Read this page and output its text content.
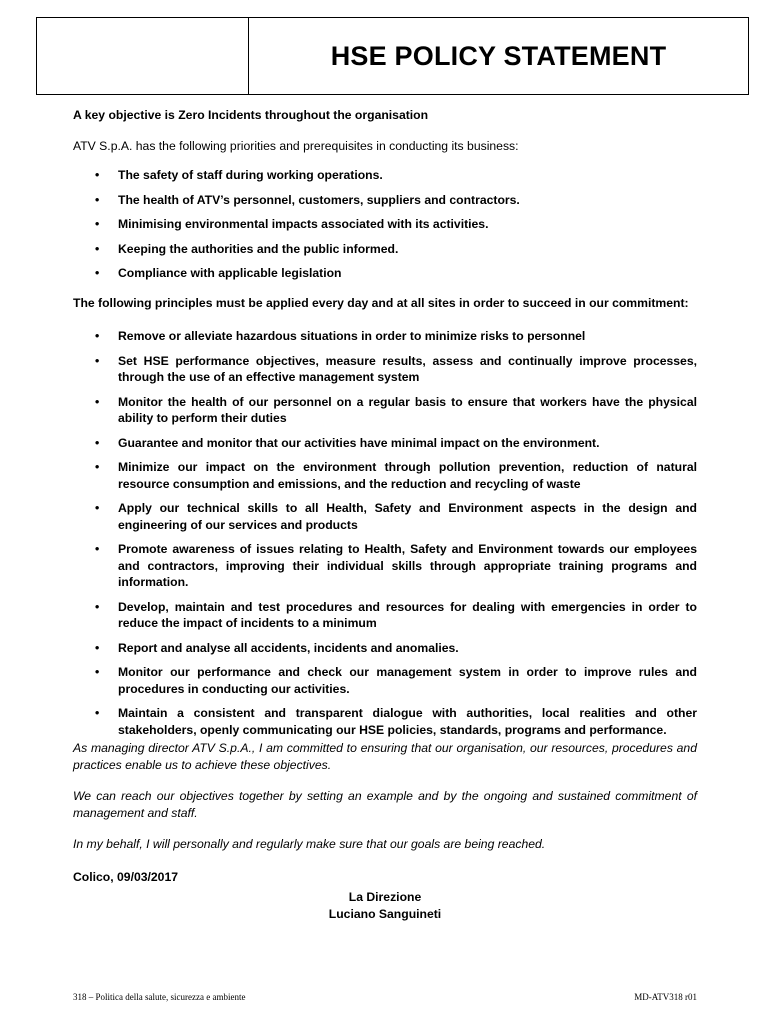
HSE POLICY STATEMENT

A key objective is Zero Incidents throughout the organisation

ATV S.p.A. has the following priorities and prerequisites in conducting its business:

• The safety of staff during working operations.
• The health of ATV’s personnel, customers, suppliers and contractors.
• Minimising environmental impacts associated with its activities.
• Keeping the authorities and the public informed.
• Compliance with applicable legislation

The following principles must be applied every day and at all sites in order to succeed in our commitment:

• Remove or alleviate hazardous situations in order to minimize risks to personnel
• Set HSE performance objectives, measure results, assess and continually improve processes, through the use of an effective management system
• Monitor the health of our personnel on a regular basis to ensure that workers have the physical ability to perform their duties
• Guarantee and monitor that our activities have minimal impact on the environment.
• Minimize our impact on the environment through pollution prevention, reduction of natural resource consumption and emissions, and the reduction and recycling of waste
• Apply our technical skills to all Health, Safety and Environment aspects in the design and engineering of our services and products
• Promote awareness of issues relating to Health, Safety and Environment towards our employees and contractors, improving their individual skills through appropriate training programs and information.
• Develop, maintain and test procedures and resources for dealing with emergencies in order to reduce the impact of incidents to a minimum
• Report and analyse all accidents, incidents and anomalies.
• Monitor our performance and check our management system in order to improve rules and procedures in conducting our activities.
• Maintain a consistent and transparent dialogue with authorities, local realities and other stakeholders, openly communicating our HSE policies, standards, programs and performance.

As managing director ATV S.p.A., I am committed to ensuring that our organisation, our resources, procedures and practices enable us to achieve these objectives.

We can reach our objectives together by setting an example and by the ongoing and sustained commitment of management and staff.

In my behalf, I will personally and regularly make sure that our goals are being reached.

Colico, 09/03/2017

La Direzione
Luciano Sanguineti
318 – Politica della salute, sicurezza e ambiente	MD-ATV318 r01
